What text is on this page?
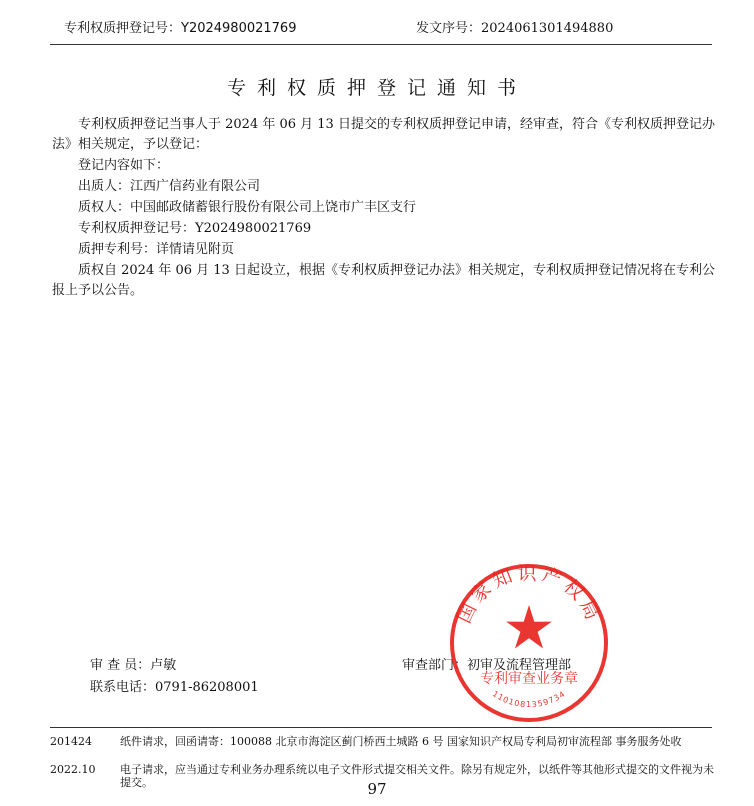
专利权质押登记号：Y2024980021769	发文序号：2024061301494880
专利权质押登记通知书
专利权质押登记当事人于 2024 年 06 月 13 日提交的专利权质押登记申请，经审查，符合《专利权质押登记办法》相关规定，予以登记：
登记内容如下：
出质人：江西广信药业有限公司
质权人：中国邮政储蓄银行股份有限公司上饶市广丰区支行
专利权质押登记号：Y2024980021769
质押专利号：详情请见附页
质权自 2024 年 06 月 13 日起设立，根据《专利权质押登记办法》相关规定，专利权质押登记情况将在专利公报上予以公告。
审 查 员：卢敏
联系电话：0791-86208001
审查部门：初审及流程管理部
国家知识产权局
专利审查业务章
1101081359734
201424	纸件请求，回函请寄：100088 北京市海淀区蓟门桥西土城路 6 号 国家知识产权局专利局初审流程部 事务服务处收
2022.10 电子请求，应当通过专利业务办理系统以电子文件形式提交相关文件。除另有规定外，以纸件等其他形式提交的文件视为未提交。	97
